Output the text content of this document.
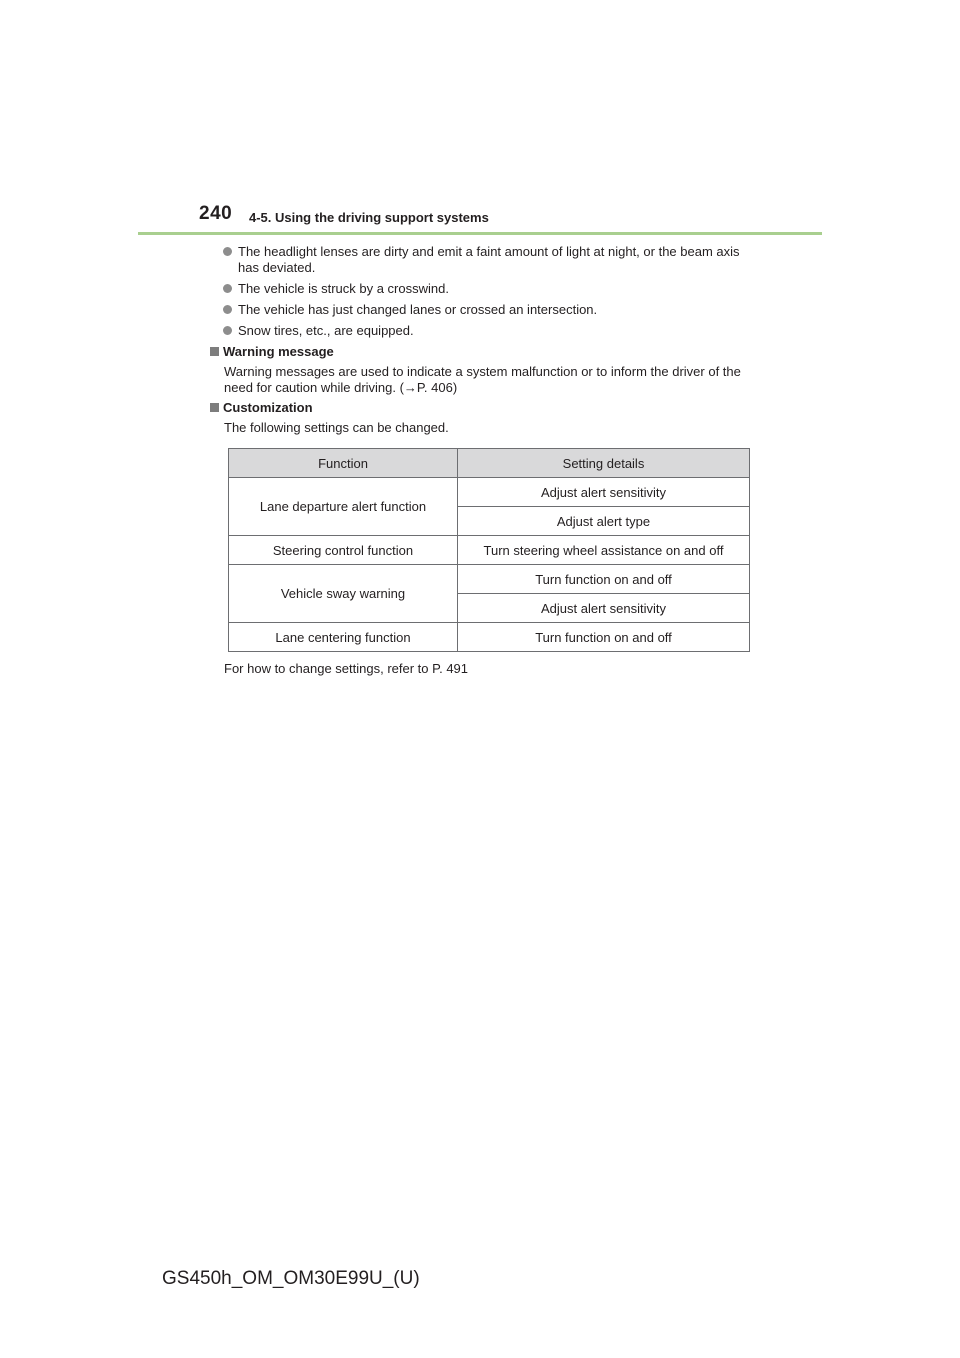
240 4-5. Using the driving support systems
The headlight lenses are dirty and emit a faint amount of light at night, or the beam axis has deviated.
The vehicle is struck by a crosswind.
The vehicle has just changed lanes or crossed an intersection.
Snow tires, etc., are equipped.
Warning message
Warning messages are used to indicate a system malfunction or to inform the driver of the need for caution while driving. (→P. 406)
Customization
The following settings can be changed.
Function	Setting details
Lane departure alert function	Adjust alert sensitivity
	Adjust alert type
Steering control function	Turn steering wheel assistance on and off
Vehicle sway warning	Turn function on and off
	Adjust alert sensitivity
Lane centering function	Turn function on and off
For how to change settings, refer to P. 491
GS450h_OM_OM30E99U_(U)
